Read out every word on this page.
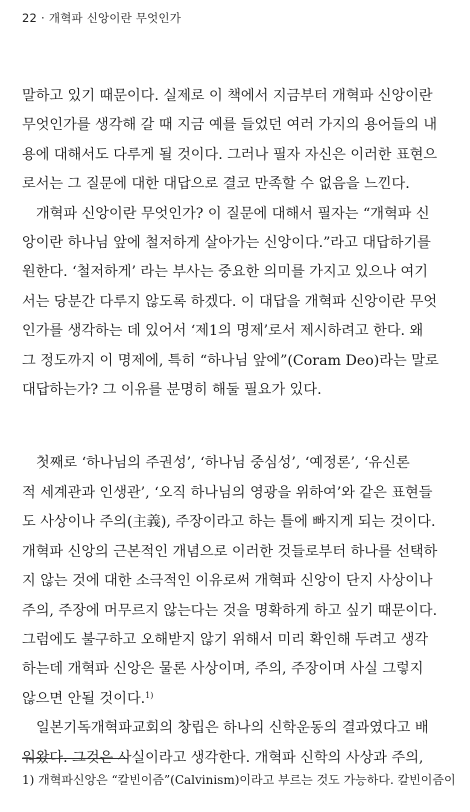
22 · 개혁파 신앙이란 무엇인가
말하고 있기 때문이다. 실제로 이 책에서 지금부터 개혁파 신앙이란
무엇인가를 생각해 갈 때 지금 예를 들었던 여러 가지의 용어들의 내
용에 대해서도 다루게 될 것이다. 그러나 필자 자신은 이러한 표현으
로서는 그 질문에 대한 대답으로 결코 만족할 수 없음을 느낀다.
개혁파 신앙이란 무엇인가? 이 질문에 대해서 필자는 “개혁파 신
앙이란 하나님 앞에 철저하게 살아가는 신앙이다.”라고 대답하기를
원한다. ‘철저하게’ 라는 부사는 중요한 의미를 가지고 있으나 여기
서는 당분간 다루지 않도록 하겠다. 이 대답을 개혁파 신앙이란 무엇
인가를 생각하는 데 있어서 ‘제1의 명제’로서 제시하려고 한다. 왜
그 정도까지 이 명제에, 특히 “하나님 앞에”(Coram Deo)라는 말로
대답하는가? 그 이유를 분명히 해둘 필요가 있다.
첫째로 ‘하나님의 주권성’, ‘하나님 중심성’, ‘예정론’, ‘유신론
적 세계관과 인생관’, ‘오직 하나님의 영광을 위하여’와 같은 표현들
도 사상이나 주의(主義), 주장이라고 하는 틀에 빠지게 되는 것이다.
개혁파 신앙의 근본적인 개념으로 이러한 것들로부터 하나를 선택하
지 않는 것에 대한 소극적인 이유로써 개혁파 신앙이 단지 사상이나
주의, 주장에 머무르지 않는다는 것을 명확하게 하고 싶기 때문이다.
그럼에도 불구하고 오해받지 않기 위해서 미리 확인해 두려고 생각
하는데 개혁파 신앙은 물론 사상이며, 주의, 주장이며 사실 그렇지
않으면 안될 것이다.$^{1)}$
일본기독개혁파교회의 창립은 하나의 신학운동의 결과였다고 배
워왔다. 그것은 사실이라고 생각한다. 개혁파 신학의 사상과 주의,
1) 개혁파신앙은 “칼빈이즘”(Calvinism)이라고 부르는 것도 가능하다. 칼빈이즘이
